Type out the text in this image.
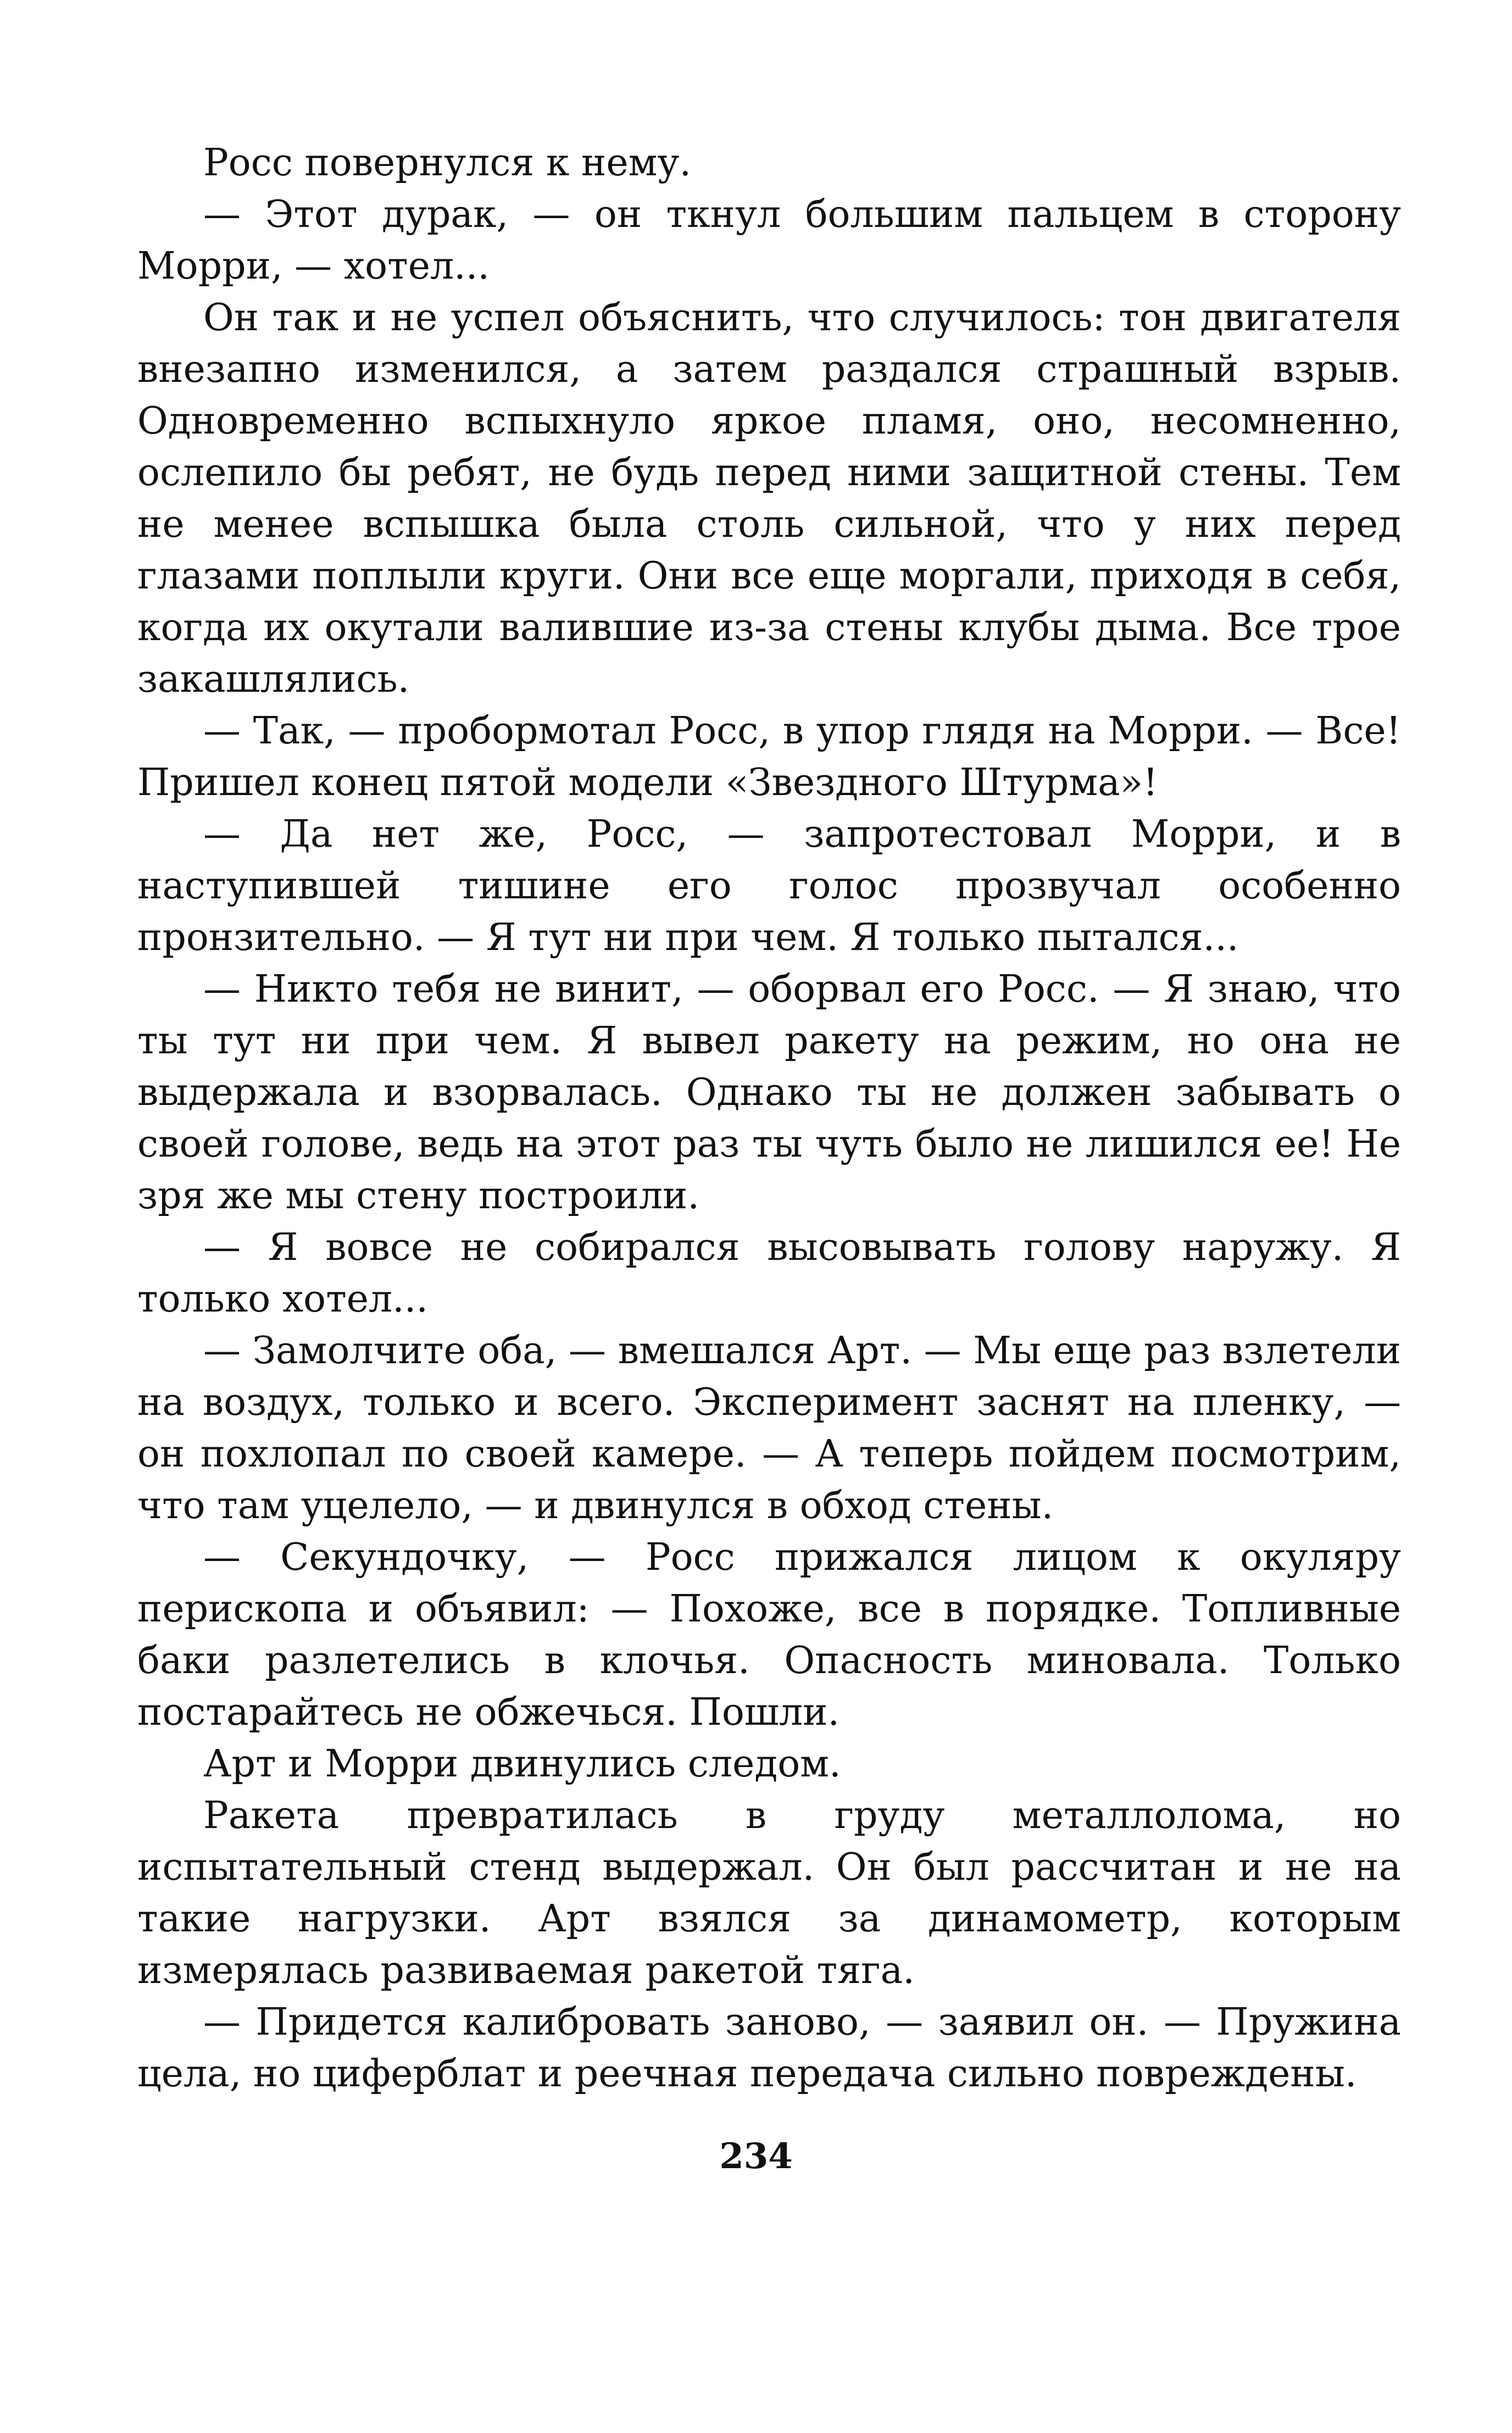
Росс повернулся к нему.

— Этот дурак, — он ткнул большим пальцем в сторону Морри, — хотел...

Он так и не успел объяснить, что случилось: тон двигателя внезапно изменился, а затем раздался страшный взрыв. Одновременно вспыхнуло яркое пламя, оно, несомненно, ослепило бы ребят, не будь перед ними защитной стены. Тем не менее вспышка была столь сильной, что у них перед глазами поплыли круги. Они все еще моргали, приходя в себя, когда их окутали валившие из-за стены клубы дыма. Все трое закашлялись.

— Так, — пробормотал Росс, в упор глядя на Морри. — Все! Пришел конец пятой модели «Звездного Штурма»!

— Да нет же, Росс, — запротестовал Морри, и в наступившей тишине его голос прозвучал особенно пронзительно. — Я тут ни при чем. Я только пытался...

— Никто тебя не винит, — оборвал его Росс. — Я знаю, что ты тут ни при чем. Я вывел ракету на режим, но она не выдержала и взорвалась. Однако ты не должен забывать о своей голове, ведь на этот раз ты чуть было не лишился ее! Не зря же мы стену построили.

— Я вовсе не собирался высовывать голову наружу. Я только хотел...

— Замолчите оба, — вмешался Арт. — Мы еще раз взлетели на воздух, только и всего. Эксперимент заснят на пленку, — он похлопал по своей камере. — А теперь пойдем посмотрим, что там уцелело, — и двинулся в обход стены.

— Секундочку, — Росс прижался лицом к окуляру перископа и объявил: — Похоже, все в порядке. Топливные баки разлетелись в клочья. Опасность миновала. Только постарайтесь не обжечься. Пошли.

Арт и Морри двинулись следом.

Ракета превратилась в груду металлолома, но испытательный стенд выдержал. Он был рассчитан и не на такие нагрузки. Арт взялся за динамометр, которым измерялась развиваемая ракетой тяга.

— Придется калибровать заново, — заявил он. — Пружина цела, но циферблат и реечная передача сильно повреждены.

234
